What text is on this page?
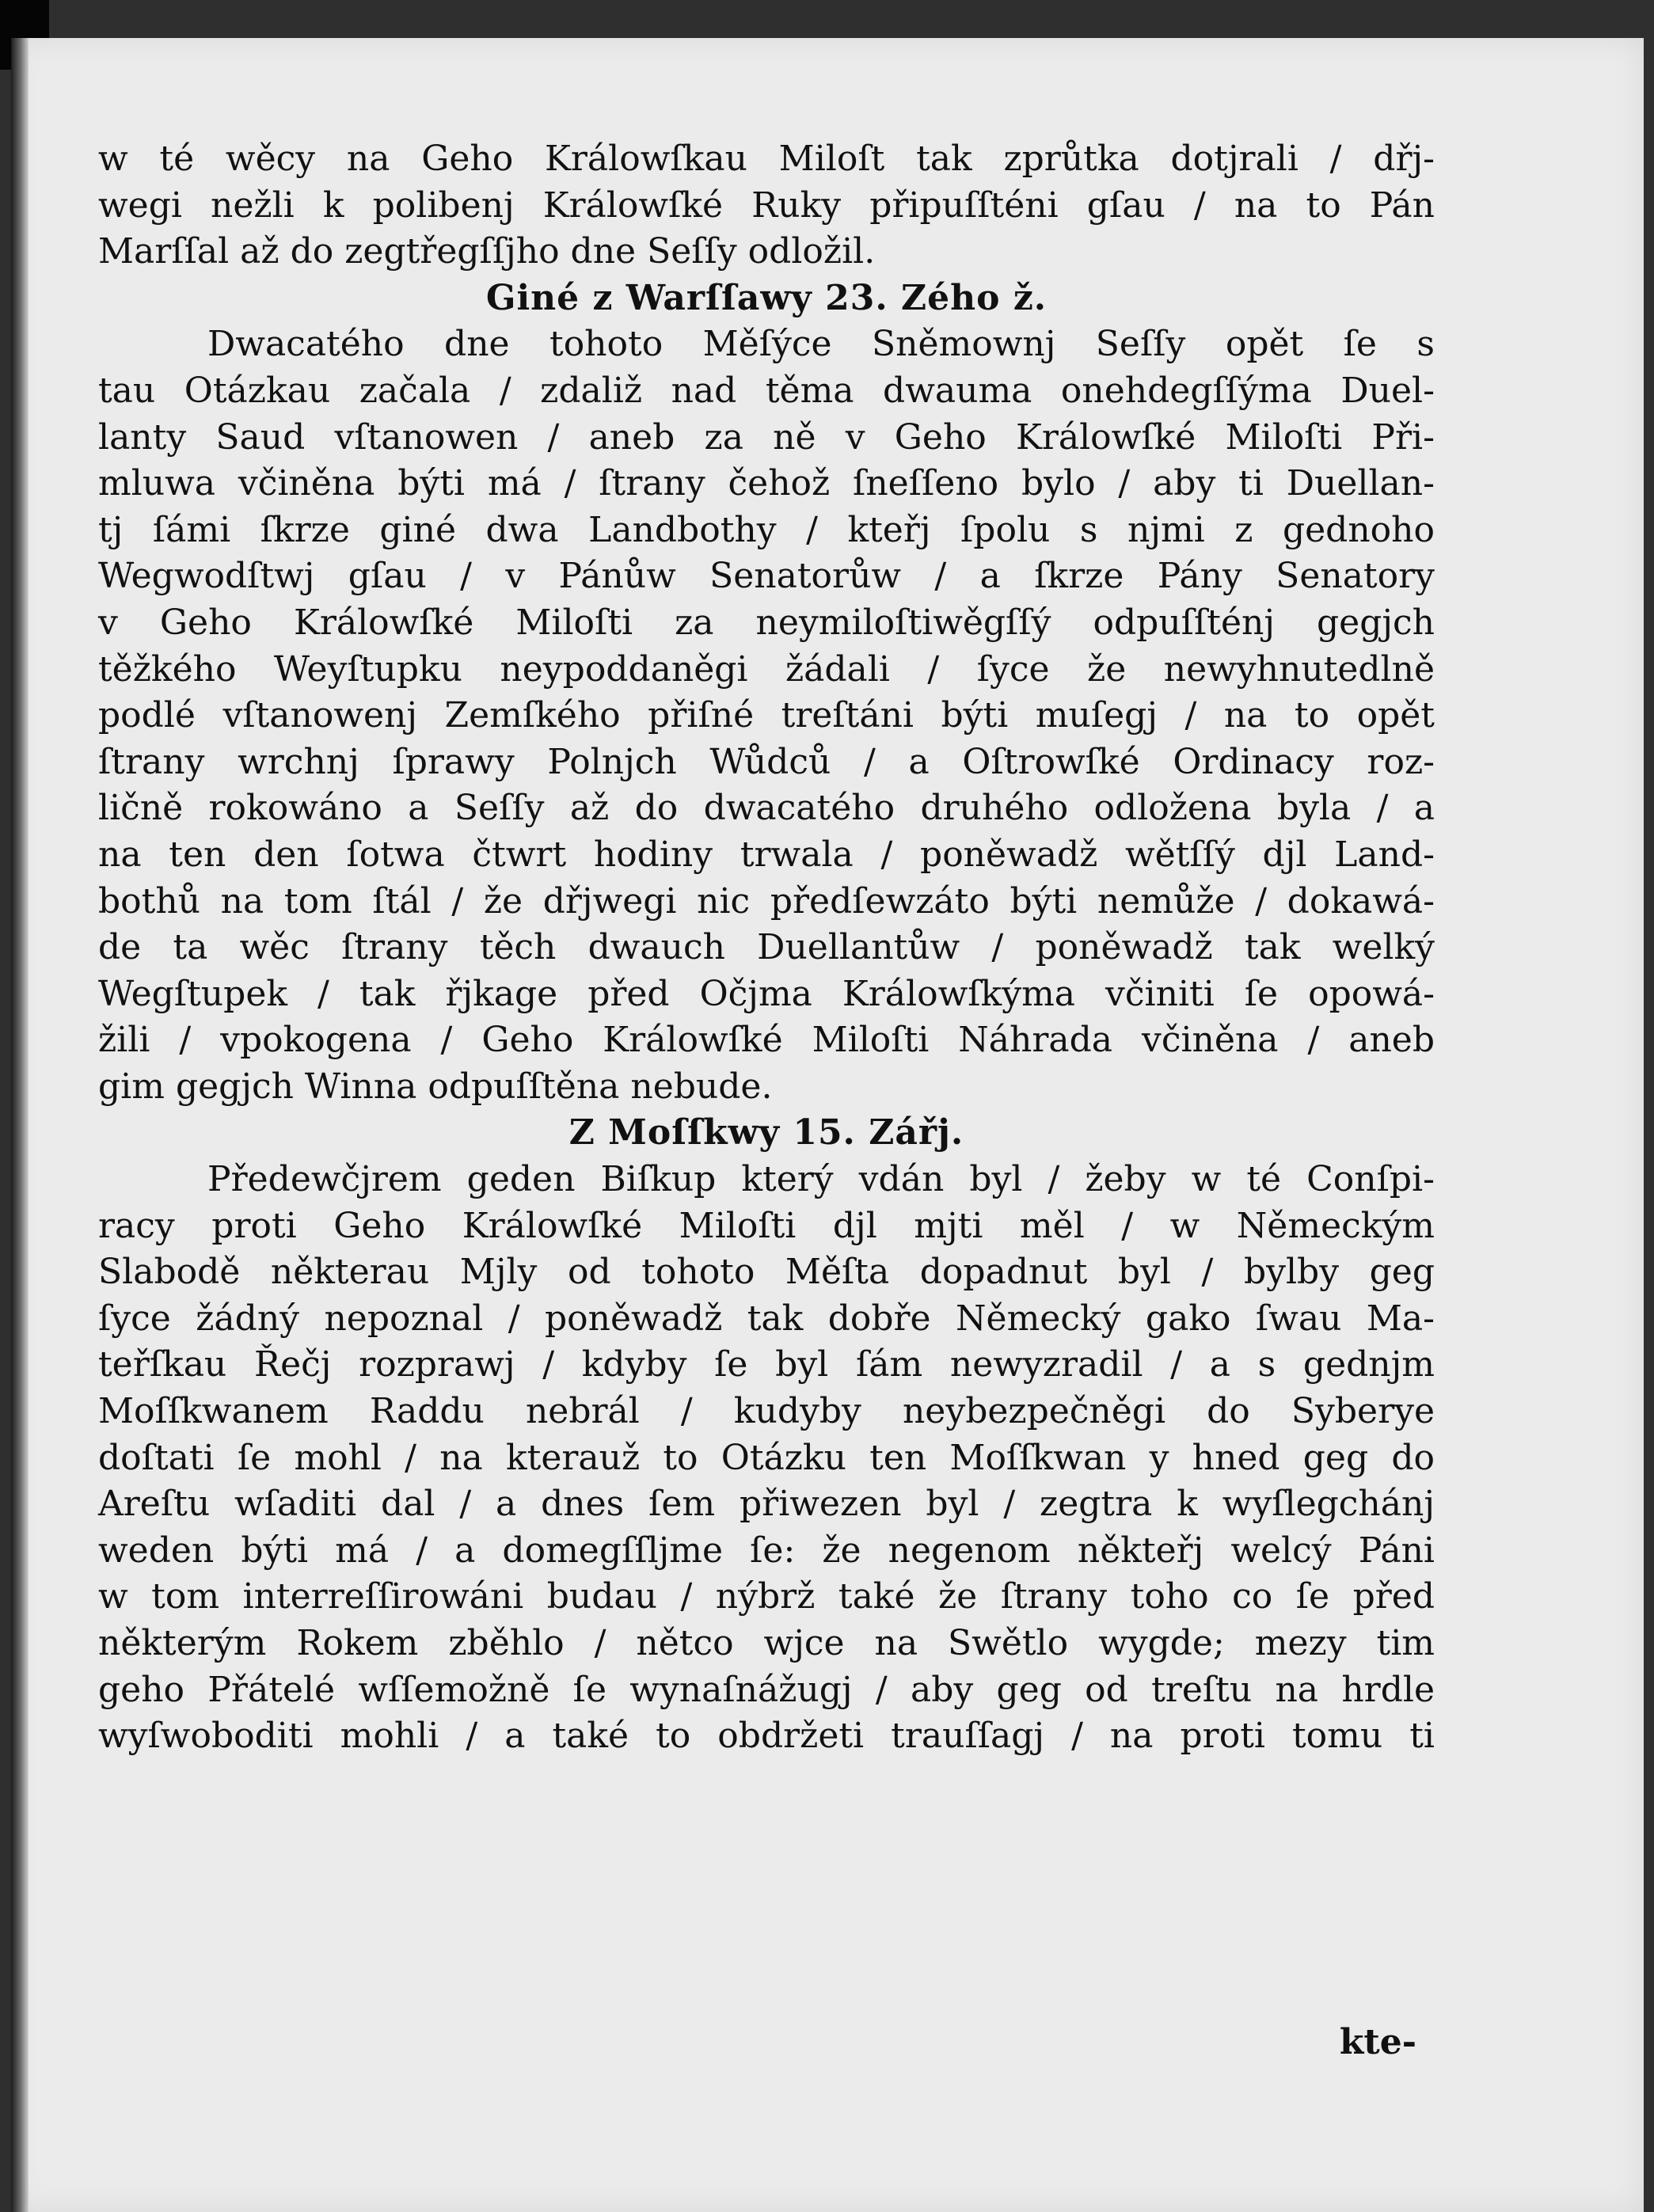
w té wěcy na Geho Králowſkau Miloſt tak zprůtka dotjrali / dřj-

wegi nežli k polibenj Králowſké Ruky připuſſténi gſau / na to Pán

Marſſal až do zegtřegſſjho dne Seſſy odložil.

Giné z Warſſawy 23. Zého ž.

Dwacatého dne tohoto Měſýce Sněmownj Seſſy opět ſe s

tau Otázkau začala / zdaliž nad těma dwauma onehdegſſýma Duel-

lanty Saud vſtanowen / aneb za ně v Geho Králowſké Miloſti Při-

mluwa včiněna býti má / ſtrany čehož ſneſſeno bylo / aby ti Duellan-

tj ſámi ſkrze giné dwa Landbothy / kteřj ſpolu s njmi z gednoho

Wegwodſtwj gſau / v Pánůw Senatorůw / a ſkrze Pány Senatory

v Geho Králowſké Miloſti za neymiloſtiwěgſſý odpuſſténj gegjch

těžkého Weyſtupku neypoddaněgi žádali / ſyce že newyhnutedlně

podlé vſtanowenj Zemſkého přiſné treſtáni býti muſegj / na to opět

ſtrany wrchnj ſprawy Polnjch Wůdců / a Oſtrowſké Ordinacy roz-

ličně rokowáno a Seſſy až do dwacatého druhého odložena byla / a

na ten den ſotwa čtwrt hodiny trwala / poněwadž wětſſý djl Land-

bothů na tom ſtál / že dřjwegi nic předſewzáto býti nemůže / dokawá-

de ta wěc ſtrany těch dwauch Duellantůw / poněwadž tak welký

Wegſtupek / tak řjkage před Očjma Králowſkýma včiniti ſe opowá-

žili / vpokogena / Geho Králowſké Miloſti Náhrada včiněna / aneb

gim gegjch Winna odpuſſtěna nebude.

Z Moſſkwy 15. Zářj.

Předewčjrem geden Biſkup který vdán byl / žeby w té Conſpi-

racy proti Geho Králowſké Miloſti djl mjti měl / w Německým

Slabodě některau Mjly od tohoto Měſta dopadnut byl / bylby geg

ſyce žádný nepoznal / poněwadž tak dobře Německý gako ſwau Ma-

teřſkau Řečj rozprawj / kdyby ſe byl ſám newyzradil / a s gednjm

Moſſkwanem Raddu nebrál / kudyby neybezpečněgi do Syberye

doſtati ſe mohl / na kterauž to Otázku ten Moſſkwan y hned geg do

Areſtu wſaditi dal / a dnes ſem přiwezen byl / zegtra k wyſlegchánj

weden býti má / a domegſſljme ſe: že negenom někteřj welcý Páni

w tom interreſſirowáni budau / nýbrž také že ſtrany toho co ſe před

některým Rokem zběhlo / nětco wjce na Swětlo wygde; mezy tim

geho Přátelé wſſemožně ſe wynaſnážugj / aby geg od treſtu na hrdle

wyſwoboditi mohli / a také to obdržeti trauſſagj / na proti tomu ti

kte-
